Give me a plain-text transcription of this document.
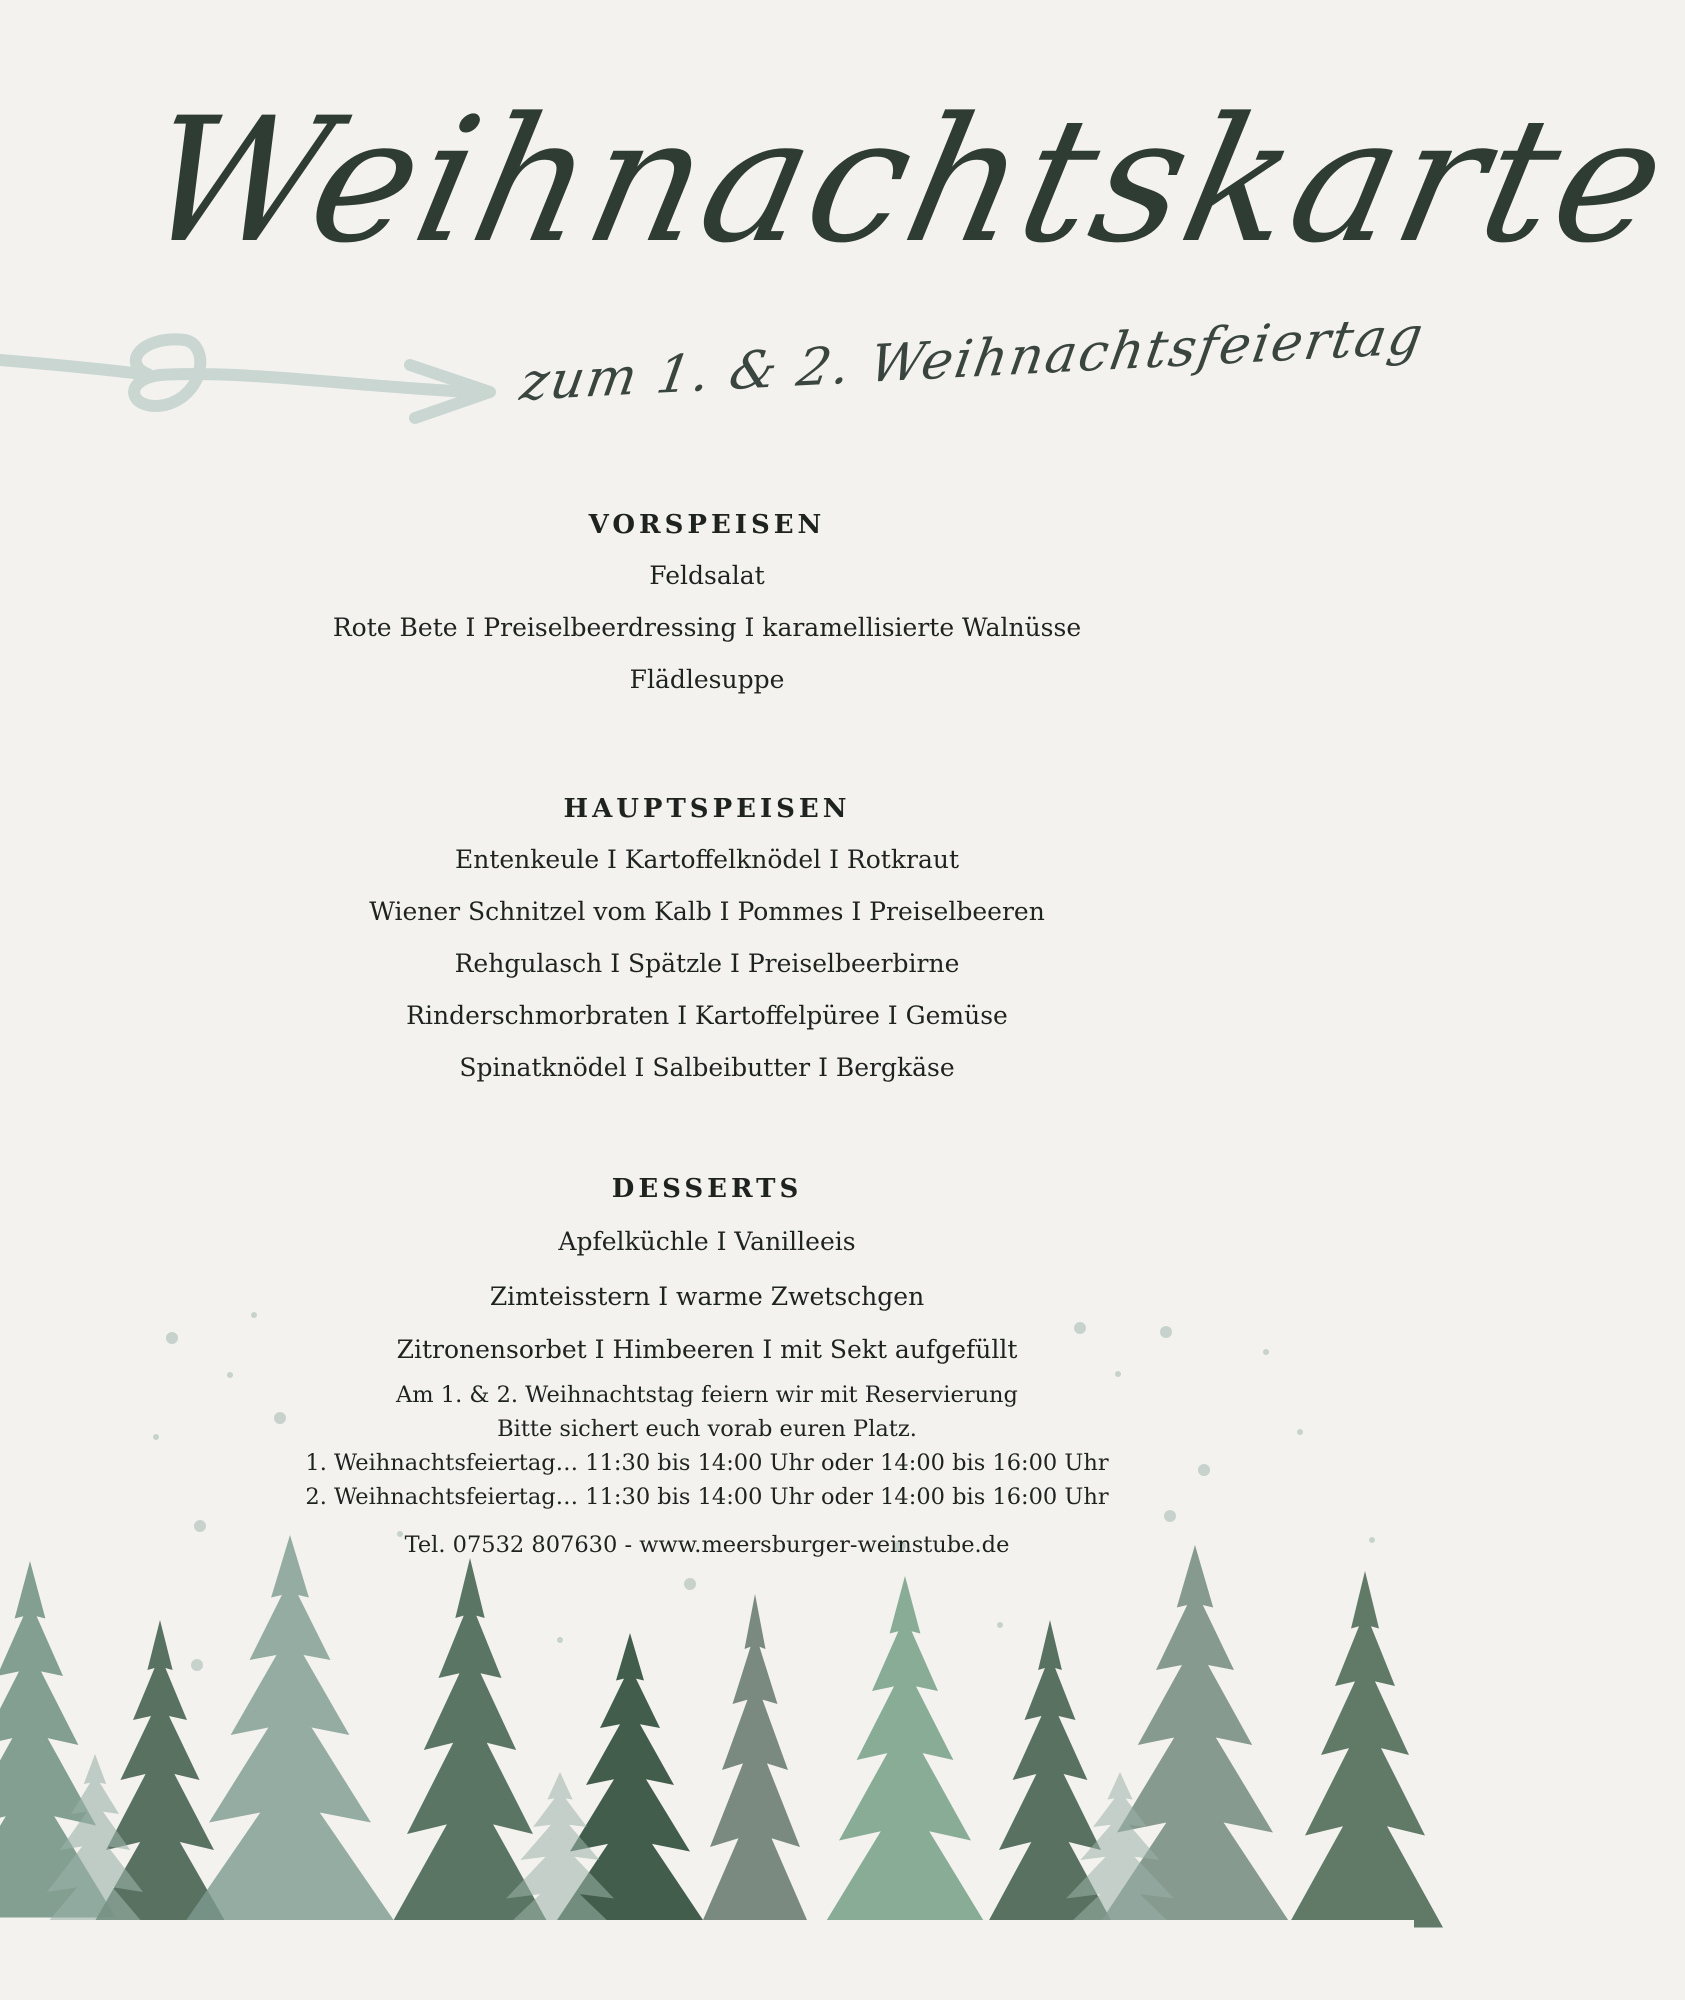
Weihnachtskarte
zum 1. & 2. Weihnachtsfeiertag

VORSPEISEN

Feldsalat

Rote Bete I Preiselbeerdressing I karamellisierte Walnüsse

Flädlesuppe

HAUPTSPEISEN

Entenkeule I Kartoffelknödel I Rotkraut

Wiener Schnitzel vom Kalb I Pommes I Preiselbeeren

Rehgulasch I Spätzle I Preiselbeerbirne

Rinderschmorbraten I Kartoffelpüree I Gemüse

Spinatknödel I Salbeibutter I Bergkäse

DESSERTS

Apfelküchle I Vanilleeis

Zimteisstern I warme Zwetschgen

Zitronensorbet I Himbeeren I mit Sekt aufgefüllt

Am 1. & 2. Weihnachtstag feiern wir mit Reservierung
Bitte sichert euch vorab euren Platz.
1. Weihnachtsfeiertag… 11:30 bis 14:00 Uhr oder 14:00 bis 16:00 Uhr
2. Weihnachtsfeiertag… 11:30 bis 14:00 Uhr oder 14:00 bis 16:00 Uhr
Tel. 07532 807630 - www.meersburger-weinstube.de
